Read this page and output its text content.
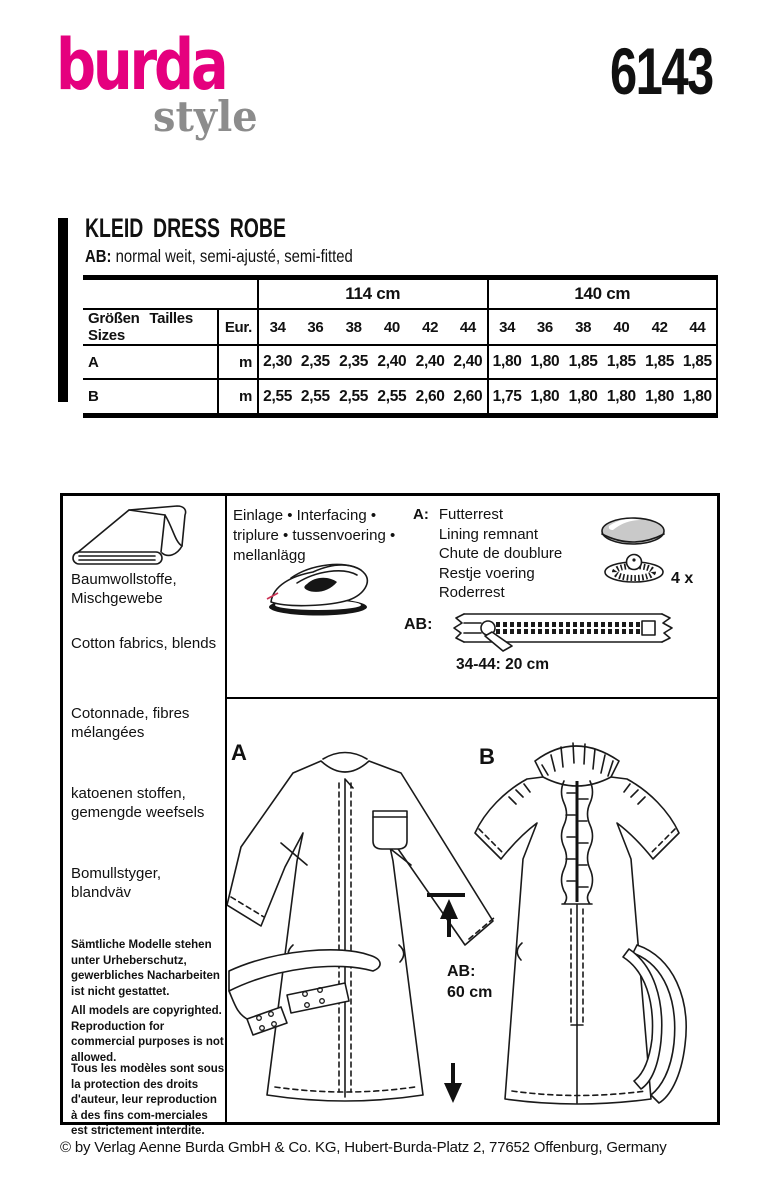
burda
style
6143
KLEID DRESS ROBE
AB: normal weit, semi-ajusté, semi-fitted
		114 cm						140 cm					
Größen Tailles Sizes	Eur.	34	36	38	40	42	44	34	36	38	40	42	44
A	m	2,30	2,35	2,35	2,40	2,40	2,40	1,80	1,80	1,85	1,85	1,85	1,85
B	m	2,55	2,55	2,55	2,55	2,60	2,60	1,75	1,80	1,80	1,80	1,80	1,80
Baumwollstoffe, Mischgewebe
Cotton fabrics, blends
Cotonnade, fibres mélangées
katoenen stoffen, gemengde weefsels
Bomullstyger, blandväv
Sämtliche Modelle stehen unter Urheberschutz, gewerbliches Nacharbeiten ist nicht gestattet.
All models are copyrighted. Reproduction for commercial purposes is not allowed.
Tous les modèles sont sous la protection des droits d'auteur, leur reproduction à des fins com-merciales est strictement interdite.
Einlage • Interfacing • triplure • tussenvoering • mellanlägg
A: Futterrest
Lining remnant
Chute de doublure
Restje voering
Roderrest
4 x
AB:
34-44: 20 cm
A	B
AB:
60 cm
© by Verlag Aenne Burda GmbH & Co. KG, Hubert-Burda-Platz 2, 77652 Offenburg, Germany
